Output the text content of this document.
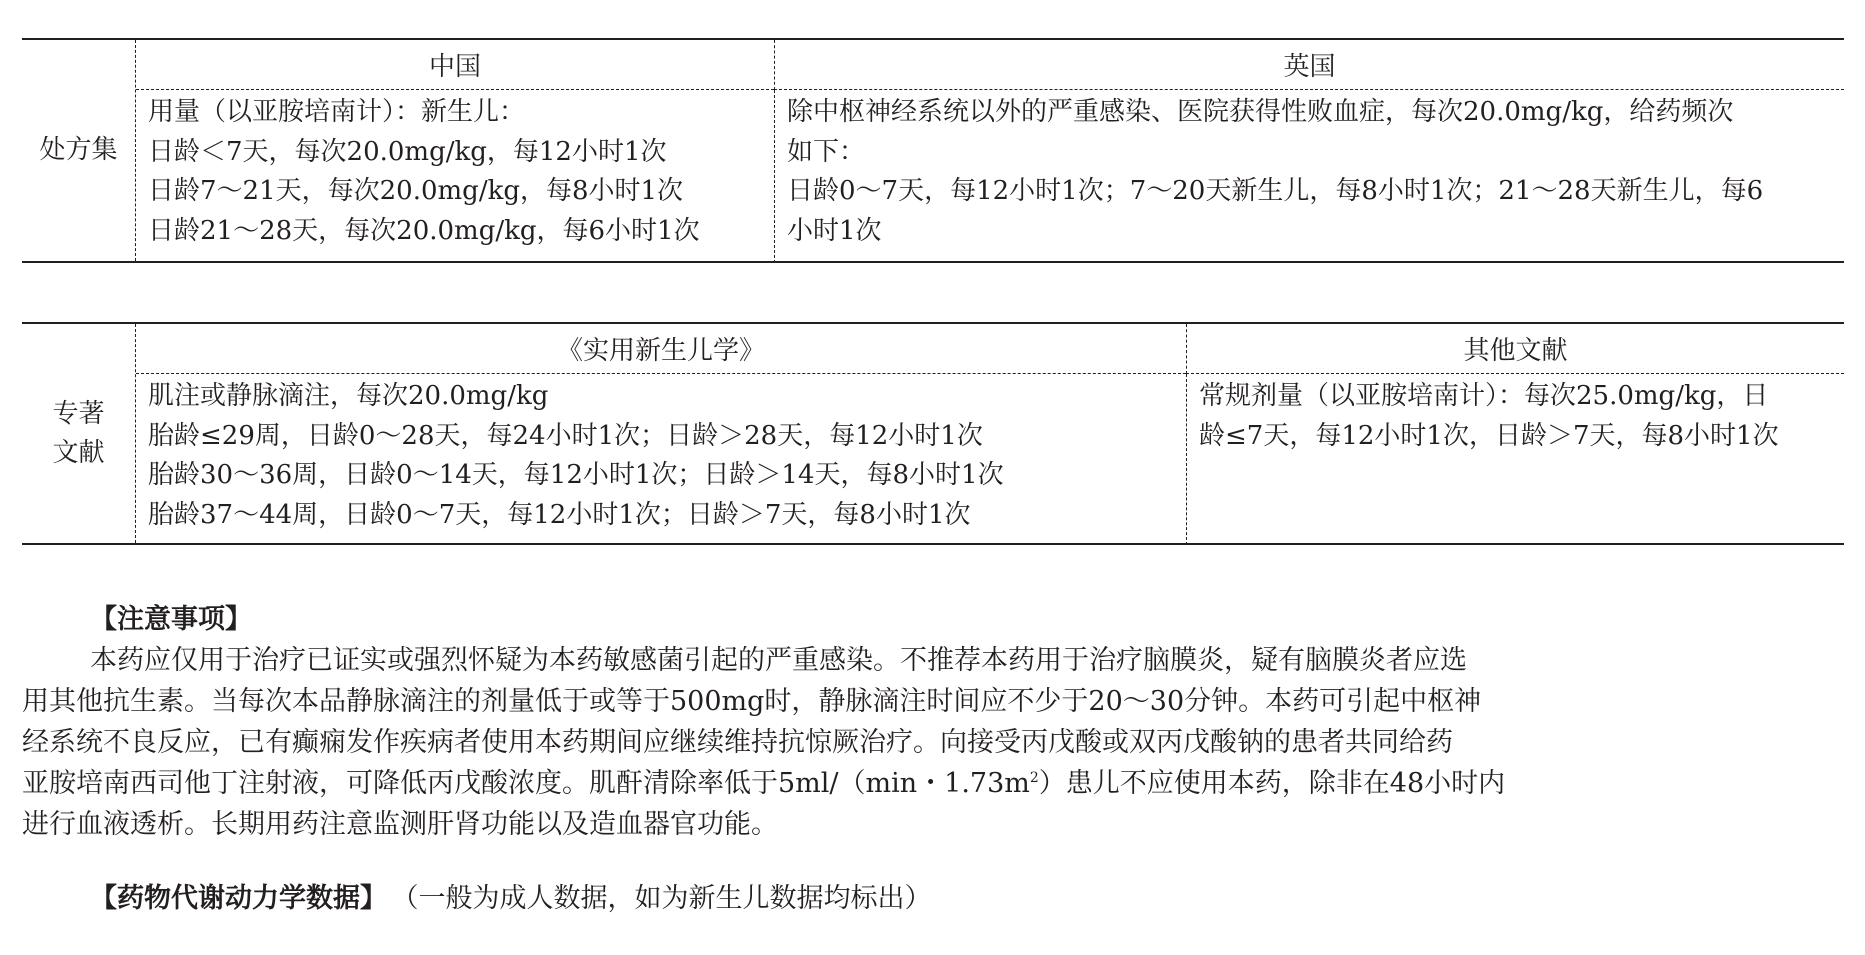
处方集
中国	英国
用量（以亚胺培南计）：新生儿：
日龄＜7天，每次20.0mg/kg，每12小时1次
日龄7～21天，每次20.0mg/kg，每8小时1次
日龄21～28天，每次20.0mg/kg，每6小时1次
除中枢神经系统以外的严重感染、医院获得性败血症，每次20.0mg/kg，给药频次
如下：
日龄0～7天，每12小时1次；7～20天新生儿，每8小时1次；21～28天新生儿，每6
小时1次
专著
文献
《实用新生儿学》	其他文献
肌注或静脉滴注，每次20.0mg/kg
胎龄≤29周，日龄0～28天，每24小时1次；日龄＞28天，每12小时1次
胎龄30～36周，日龄0～14天，每12小时1次；日龄＞14天，每8小时1次
胎龄37～44周，日龄0～7天，每12小时1次；日龄＞7天，每8小时1次
常规剂量（以亚胺培南计）：每次25.0mg/kg，日
龄≤7天，每12小时1次，日龄＞7天，每8小时1次
【注意事项】
本药应仅用于治疗已证实或强烈怀疑为本药敏感菌引起的严重感染。不推荐本药用于治疗脑膜炎，疑有脑膜炎者应选
用其他抗生素。当每次本品静脉滴注的剂量低于或等于500mg时，静脉滴注时间应不少于20～30分钟。本药可引起中枢神
经系统不良反应，已有癫痫发作疾病者使用本药期间应继续维持抗惊厥治疗。向接受丙戊酸或双丙戊酸钠的患者共同给药
亚胺培南西司他丁注射液，可降低丙戊酸浓度。肌酐清除率低于5ml/（min・$1.73m^2$）患儿不应使用本药，除非在48小时内
进行血液透析。长期用药注意监测肝肾功能以及造血器官功能。
【药物代谢动力学数据】 （一般为成人数据，如为新生儿数据均标出）
